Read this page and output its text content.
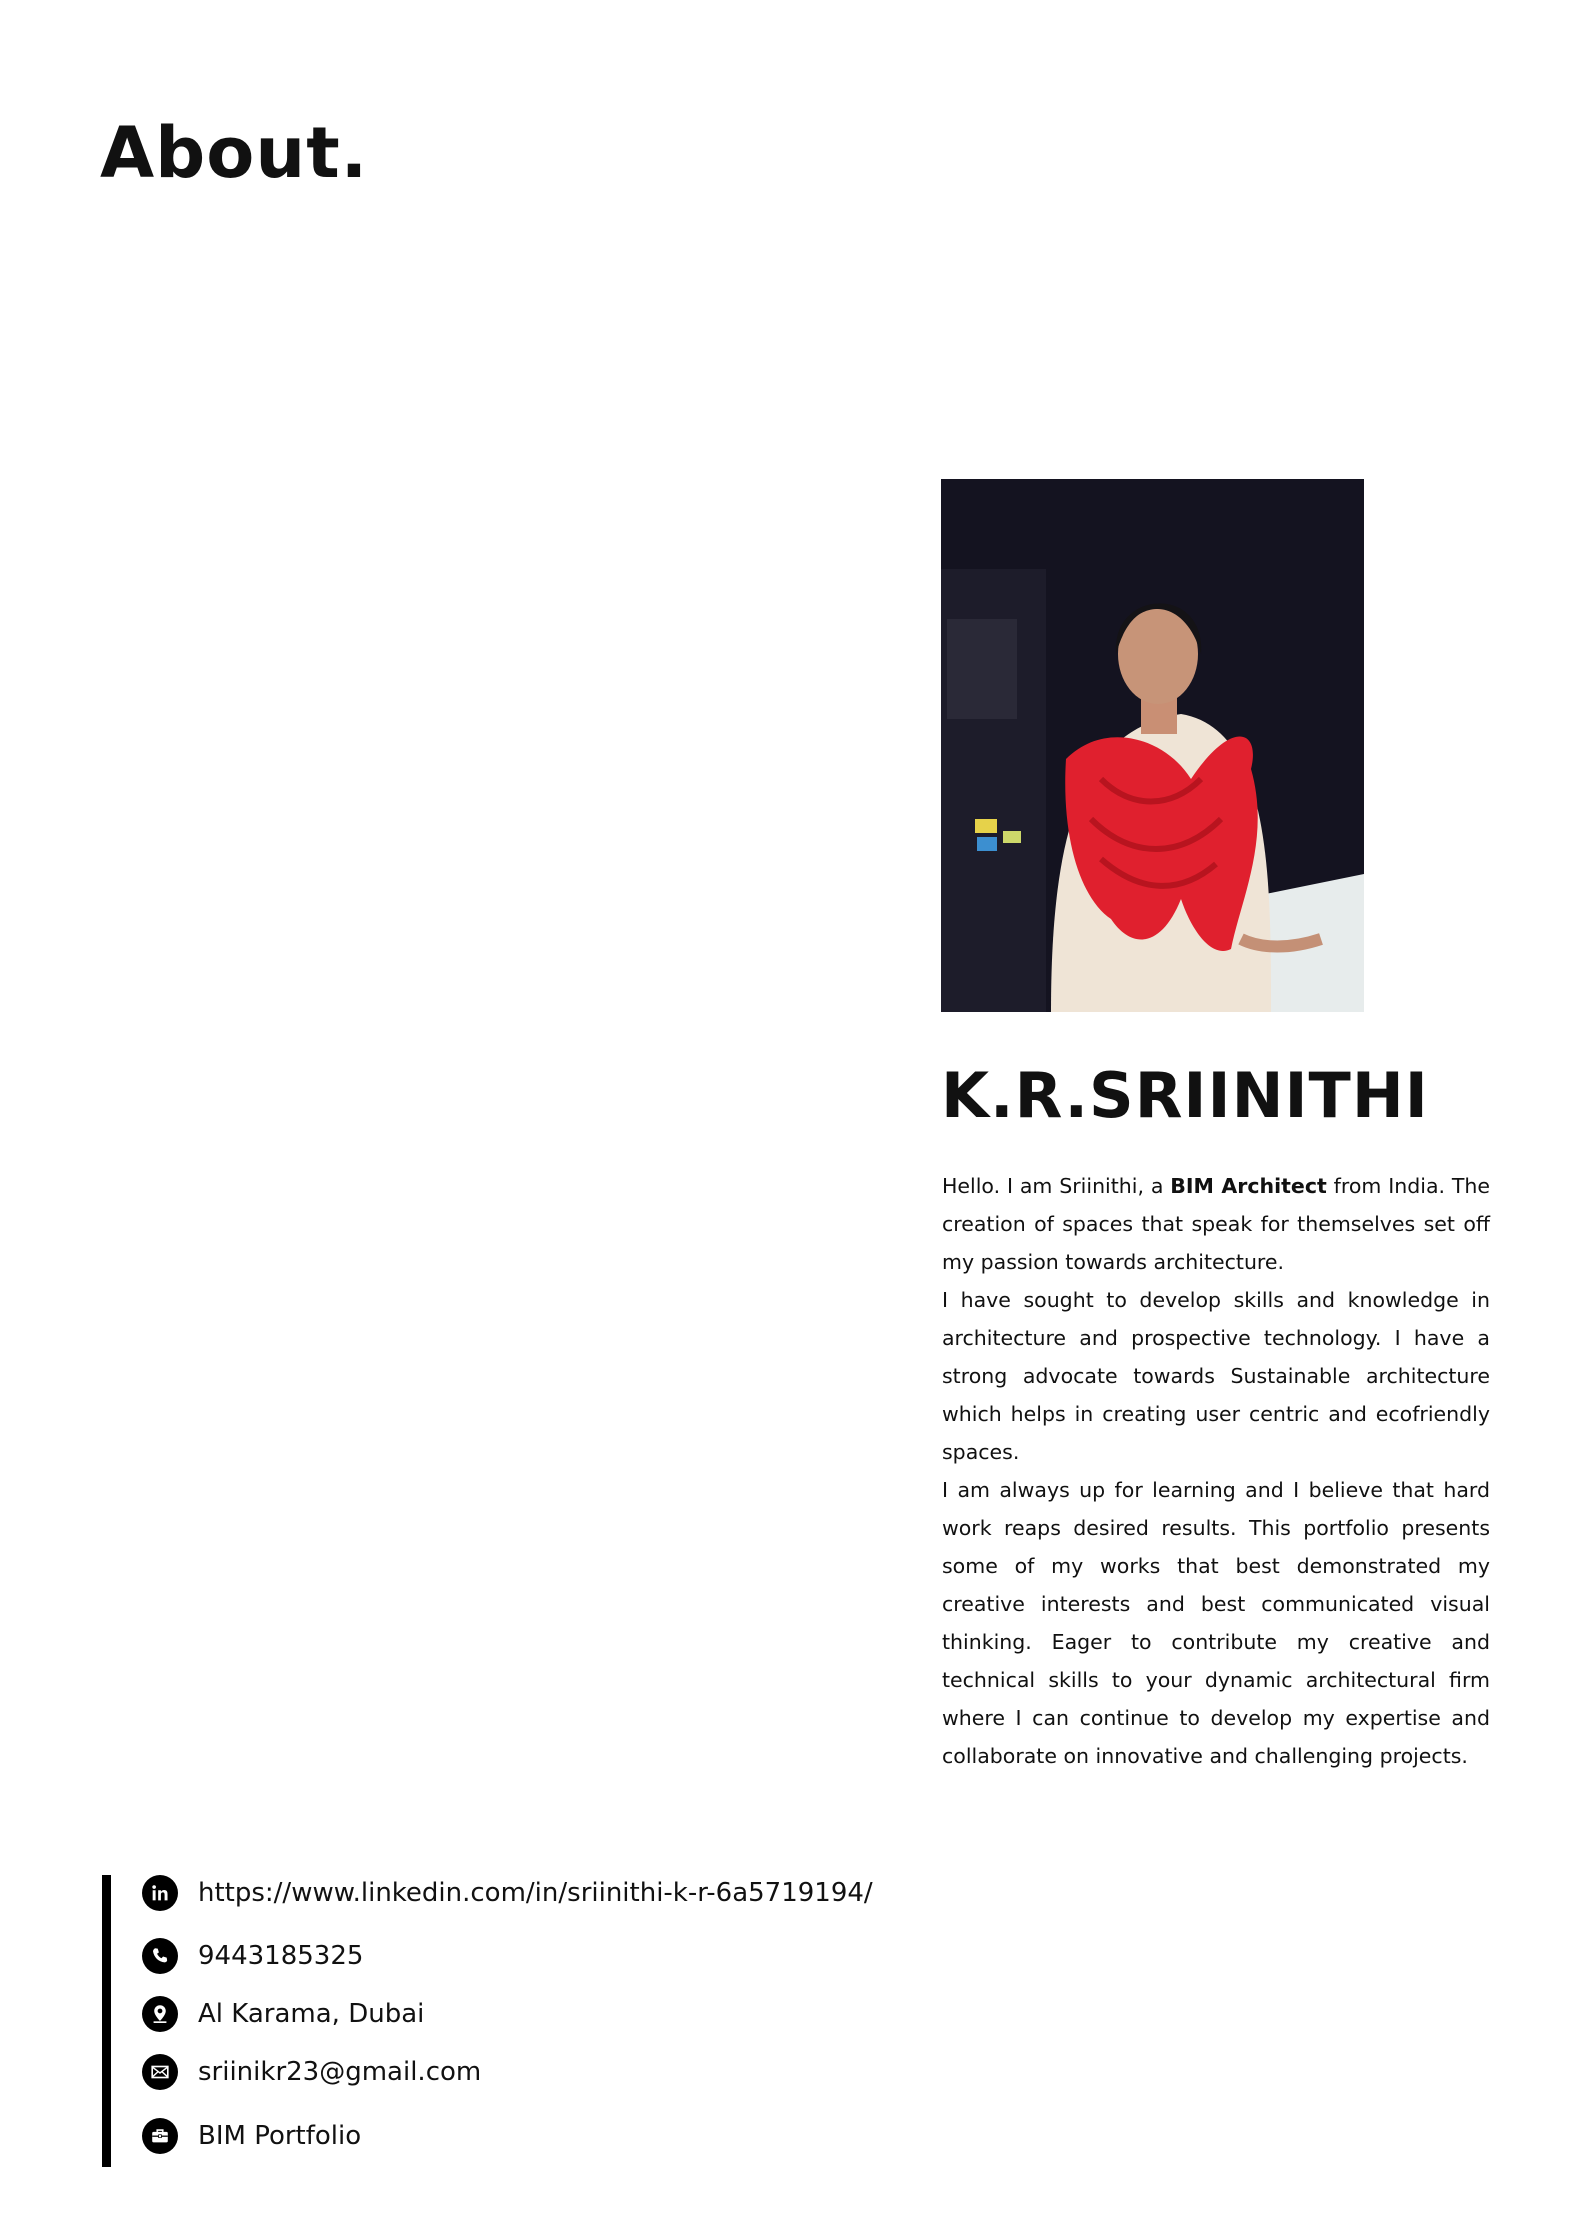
About.
K.R.SRIINITHI

Hello. I am Sriinithi, a BIM Architect from India. The creation of spaces that speak for themselves set off my passion towards architecture.

I have sought to develop skills and knowledge in architecture and prospective technology. I have a strong advocate towards Sustainable architecture which helps in creating user centric and ecofriendly spaces.

I am always up for learning and I believe that hard work reaps desired results. This portfolio presents some of my works that best demonstrated my creative interests and best communicated visual thinking. Eager to contribute my creative and technical skills to your dynamic architectural firm where I can continue to develop my expertise and collaborate on innovative and challenging projects.

https://www.linkedin.com/in/sriinithi-k-r-6a5719194/
9443185325
Al Karama, Dubai
sriinikr23@gmail.com
BIM Portfolio
